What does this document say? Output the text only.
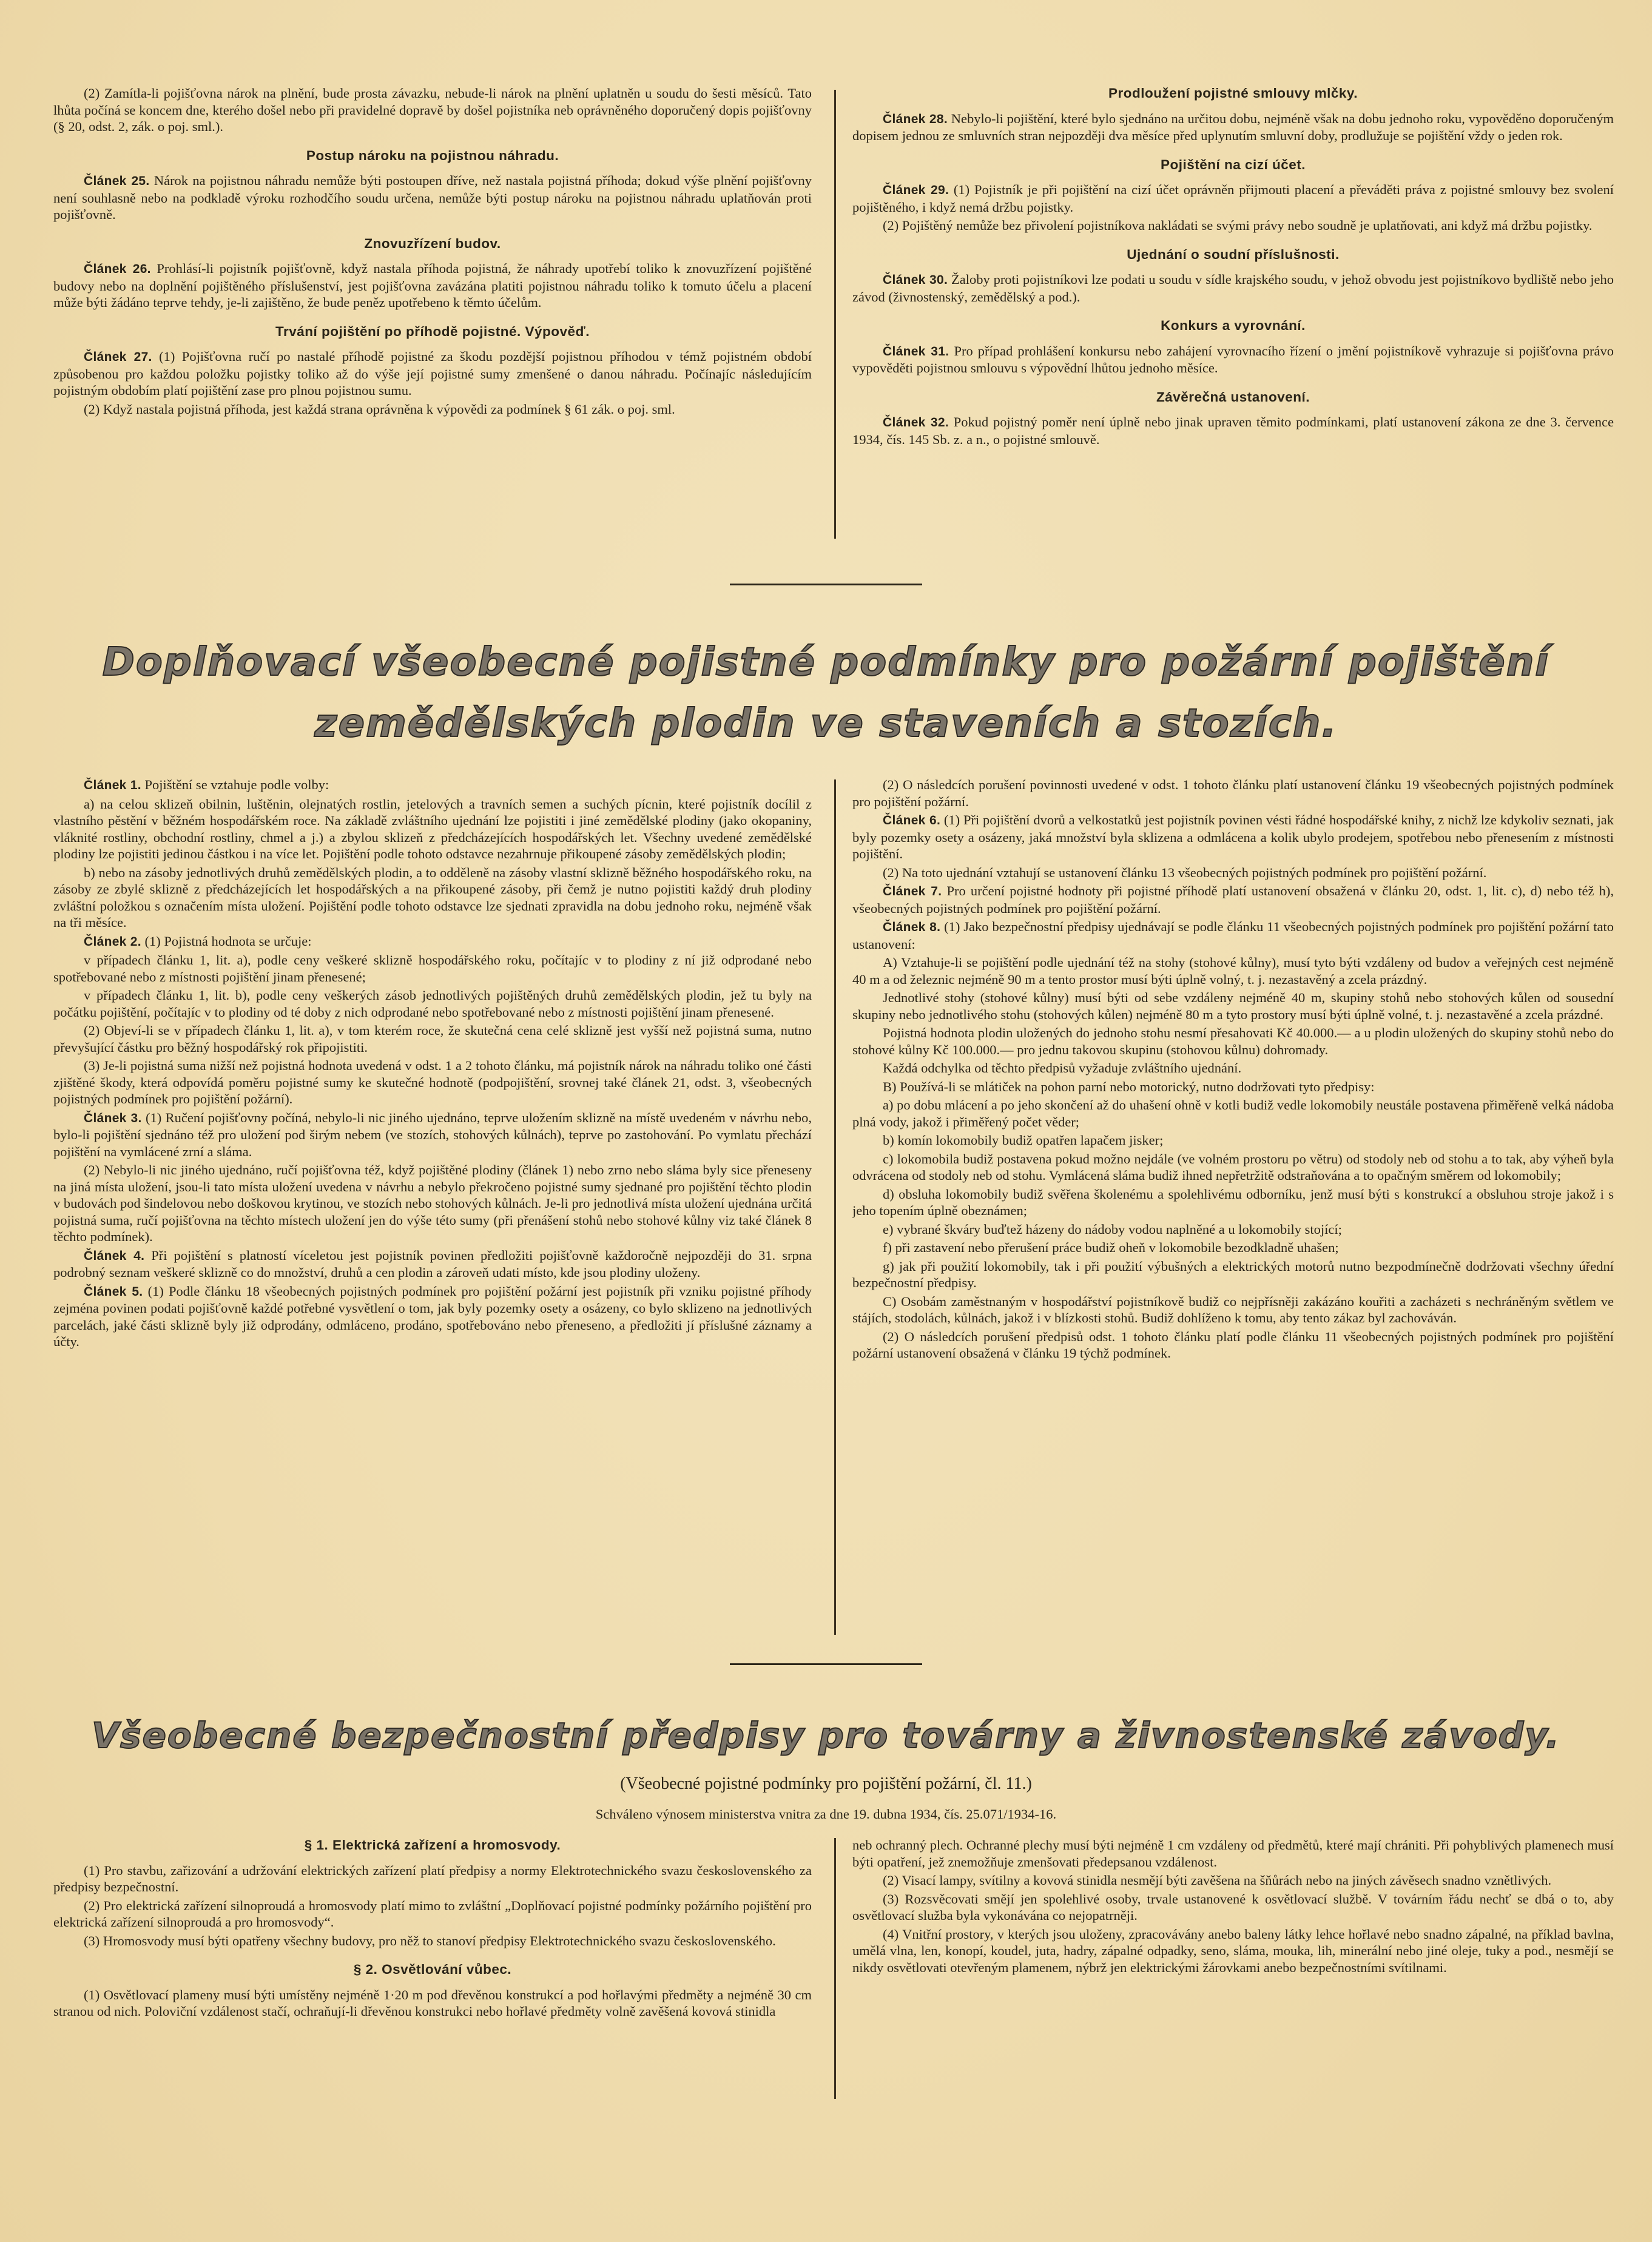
(2) Zamítla-li pojišťovna nárok na plnění, bude prosta závazku, nebude-li nárok na plnění uplatněn u soudu do šesti měsíců. Tato lhůta počíná se koncem dne, kterého došel nebo při pravidelné dopravě by došel pojistníka neb oprávněného doporučený dopis pojišťovny (§ 20, odst. 2, zák. o poj. sml.).

Postup nároku na pojistnou náhradu.

Článek 25. Nárok na pojistnou náhradu nemůže býti postoupen dříve, než nastala pojistná příhoda; dokud výše plnění pojišťovny není souhlasně nebo na podkladě výroku rozhodčího soudu určena, nemůže býti postup nároku na pojistnou náhradu uplatňován proti pojišťovně.

Znovuzřízení budov.

Článek 26. Prohlásí-li pojistník pojišťovně, když nastala příhoda pojistná, že náhrady upotřebí toliko k znovuzřízení pojištěné budovy nebo na doplnění pojištěného příslušenství, jest pojišťovna zavázána platiti pojistnou náhradu toliko k tomuto účelu a placení může býti žádáno teprve tehdy, je-li zajištěno, že bude peněz upotřebeno k těmto účelům.

Trvání pojištění po příhodě pojistné. Výpověď.

Článek 27. (1) Pojišťovna ručí po nastalé příhodě pojistné za škodu pozdější pojistnou příhodou v témž pojistném období způsobenou pro každou položku pojistky toliko až do výše její pojistné sumy zmenšené o danou náhradu. Počínajíc následujícím pojistným obdobím platí pojištění zase pro plnou pojistnou sumu.

(2) Když nastala pojistná příhoda, jest každá strana oprávněna k výpovědi za podmínek § 61 zák. o poj. sml.

Prodloužení pojistné smlouvy mlčky.

Článek 28. Nebylo-li pojištění, které bylo sjednáno na určitou dobu, nejméně však na dobu jednoho roku, vypověděno doporučeným dopisem jednou ze smluvních stran nejpozději dva měsíce před uplynutím smluvní doby, prodlužuje se pojištění vždy o jeden rok.

Pojištění na cizí účet.

Článek 29. (1) Pojistník je při pojištění na cizí účet oprávněn přijmouti placení a převáděti práva z pojistné smlouvy bez svolení pojištěného, i když nemá držbu pojistky.

(2) Pojištěný nemůže bez přivolení pojistníkova nakládati se svými právy nebo soudně je uplatňovati, ani když má držbu pojistky.

Ujednání o soudní příslušnosti.

Článek 30. Žaloby proti pojistníkovi lze podati u soudu v sídle krajského soudu, v jehož obvodu jest pojistníkovo bydliště nebo jeho závod (živnostenský, zemědělský a pod.).

Konkurs a vyrovnání.

Článek 31. Pro případ prohlášení konkursu nebo zahájení vyrovnacího řízení o jmění pojistníkově vyhrazuje si pojišťovna právo vypověděti pojistnou smlouvu s výpovědní lhůtou jednoho měsíce.

Závěrečná ustanovení.

Článek 32. Pokud pojistný poměr není úplně nebo jinak upraven těmito podmínkami, platí ustanovení zákona ze dne 3. července 1934, čís. 145 Sb. z. a n., o pojistné smlouvě.

Doplňovací všeobecné pojistné podmínky pro požární pojištění
zemědělských plodin ve staveních a stozích.

Článek 1. Pojištění se vztahuje podle volby:

a) na celou sklizeň obilnin, luštěnin, olejnatých rostlin, jetelových a travních semen a suchých pícnin, které pojistník docílil z vlastního pěstění v běžném hospodářském roce. Na základě zvláštního ujednání lze pojistiti i jiné zemědělské plodiny (jako okopaniny, vláknité rostliny, obchodní rostliny, chmel a j.) a zbylou sklizeň z předcházejících hospodářských let. Všechny uvedené zemědělské plodiny lze pojistiti jedinou částkou i na více let. Pojištění podle tohoto odstavce nezahrnuje přikoupené zásoby zemědělských plodin;

b) nebo na zásoby jednotlivých druhů zemědělských plodin, a to odděleně na zásoby vlastní sklizně běžného hospodářského roku, na zásoby ze zbylé sklizně z předcházejících let hospodářských a na přikoupené zásoby, při čemž je nutno pojistiti každý druh plodiny zvláštní položkou s označením místa uložení. Pojištění podle tohoto odstavce lze sjednati zpravidla na dobu jednoho roku, nejméně však na tři měsíce.

Článek 2. (1) Pojistná hodnota se určuje:

v případech článku 1, lit. a), podle ceny veškeré sklizně hospodářského roku, počítajíc v to plodiny z ní již odprodané nebo spotřebované nebo z místnosti pojištění jinam přenesené;

v případech článku 1, lit. b), podle ceny veškerých zásob jednotlivých pojištěných druhů zemědělských plodin, jež tu byly na počátku pojištění, počítajíc v to plodiny od té doby z nich odprodané nebo spotřebované nebo z místnosti pojištění jinam přenesené.

(2) Objeví-li se v případech článku 1, lit. a), v tom kterém roce, že skutečná cena celé sklizně jest vyšší než pojistná suma, nutno převyšující částku pro běžný hospodářský rok připojistiti.

(3) Je-li pojistná suma nižší než pojistná hodnota uvedená v odst. 1 a 2 tohoto článku, má pojistník nárok na náhradu toliko oné části zjištěné škody, která odpovídá poměru pojistné sumy ke skutečné hodnotě (podpojištění, srovnej také článek 21, odst. 3, všeobecných pojistných podmínek pro pojištění požární).

Článek 3. (1) Ručení pojišťovny počíná, nebylo-li nic jiného ujednáno, teprve uložením sklizně na místě uvedeném v návrhu nebo, bylo-li pojištění sjednáno též pro uložení pod širým nebem (ve stozích, stohových kůlnách), teprve po zastohování. Po vymlatu přechází pojištění na vymlácené zrní a sláma.

(2) Nebylo-li nic jiného ujednáno, ručí pojišťovna též, když pojištěné plodiny (článek 1) nebo zrno nebo sláma byly sice přeneseny na jiná místa uložení, jsou-li tato místa uložení uvedena v návrhu a nebylo překročeno pojistné sumy sjednané pro pojištění těchto plodin v budovách pod šindelovou nebo doškovou krytinou, ve stozích nebo stohových kůlnách. Je-li pro jednotlivá místa uložení ujednána určitá pojistná suma, ručí pojišťovna na těchto místech uložení jen do výše této sumy (při přenášení stohů nebo stohové kůlny viz také článek 8 těchto podmínek).

Článek 4. Při pojištění s platností víceletou jest pojistník povinen předložiti pojišťovně každoročně nejpozději do 31. srpna podrobný seznam veškeré sklizně co do množství, druhů a cen plodin a zároveň udati místo, kde jsou plodiny uloženy.

Článek 5. (1) Podle článku 18 všeobecných pojistných podmínek pro pojištění požární jest pojistník při vzniku pojistné příhody zejména povinen podati pojišťovně každé potřebné vysvětlení o tom, jak byly pozemky osety a osázeny, co bylo sklizeno na jednotlivých parcelách, jaké části sklizně byly již odprodány, odmláceno, prodáno, spotřebováno nebo přeneseno, a předložiti jí příslušné záznamy a účty.

(2) O následcích porušení povinnosti uvedené v odst. 1 tohoto článku platí ustanovení článku 19 všeobecných pojistných podmínek pro pojištění požární.

Článek 6. (1) Při pojištění dvorů a velkostatků jest pojistník povinen vésti řádné hospodářské knihy, z nichž lze kdykoliv seznati, jak byly pozemky osety a osázeny, jaká množství byla sklizena a odmlácena a kolik ubylo prodejem, spotřebou nebo přenesením z místnosti pojištění.

(2) Na toto ujednání vztahují se ustanovení článku 13 všeobecných pojistných podmínek pro pojištění požární.

Článek 7. Pro určení pojistné hodnoty při pojistné příhodě platí ustanovení obsažená v článku 20, odst. 1, lit. c), d) nebo též h), všeobecných pojistných podmínek pro pojištění požární.

Článek 8. (1) Jako bezpečnostní předpisy ujednávají se podle článku 11 všeobecných pojistných podmínek pro pojištění požární tato ustanovení:

A) Vztahuje-li se pojištění podle ujednání též na stohy (stohové kůlny), musí tyto býti vzdáleny od budov a veřejných cest nejméně 40 m a od železnic nejméně 90 m a tento prostor musí býti úplně volný, t. j. nezastavěný a zcela prázdný.

Jednotlivé stohy (stohové kůlny) musí býti od sebe vzdáleny nejméně 40 m, skupiny stohů nebo stohových kůlen od sousední skupiny nebo jednotlivého stohu (stohových kůlen) nejméně 80 m a tyto prostory musí býti úplně volné, t. j. nezastavěné a zcela prázdné.

Pojistná hodnota plodin uložených do jednoho stohu nesmí přesahovati Kč 40.000.— a u plodin uložených do skupiny stohů nebo do stohové kůlny Kč 100.000.— pro jednu takovou skupinu (stohovou kůlnu) dohromady.

Každá odchylka od těchto předpisů vyžaduje zvláštního ujednání.

B) Používá-li se mlátiček na pohon parní nebo motorický, nutno dodržovati tyto předpisy:

a) po dobu mlácení a po jeho skončení až do uhašení ohně v kotli budiž vedle lokomobily neustále postavena přiměřeně velká nádoba plná vody, jakož i přiměřený počet věder;

b) komín lokomobily budiž opatřen lapačem jisker;

c) lokomobila budiž postavena pokud možno nejdále (ve volném prostoru po větru) od stodoly neb od stohu a to tak, aby výheň byla odvrácena od stodoly neb od stohu. Vymlácená sláma budiž ihned nepřetržitě odstraňována a to opačným směrem od lokomobily;

d) obsluha lokomobily budiž svěřena školenému a spolehlivému odborníku, jenž musí býti s konstrukcí a obsluhou stroje jakož i s jeho topením úplně obeznámen;

e) vybrané škváry buďtež házeny do nádoby vodou naplněné a u lokomobily stojící;

f) při zastavení nebo přerušení práce budiž oheň v lokomobile bezodkladně uhašen;

g) jak při použití lokomobily, tak i při použití výbušných a elektrických motorů nutno bezpodmínečně dodržovati všechny úřední bezpečnostní předpisy.

C) Osobám zaměstnaným v hospodářství pojistníkově budiž co nejpřísněji zakázáno kouřiti a zacházeti s nechráněným světlem ve stájích, stodolách, kůlnách, jakož i v blízkosti stohů. Budiž dohlíženo k tomu, aby tento zákaz byl zachováván.

(2) O následcích porušení předpisů odst. 1 tohoto článku platí podle článku 11 všeobecných pojistných podmínek pro pojištění požární ustanovení obsažená v článku 19 týchž podmínek.

Všeobecné bezpečnostní předpisy pro továrny a živnostenské závody.
(Všeobecné pojistné podmínky pro pojištění požární, čl. 11.)
Schváleno výnosem ministerstva vnitra za dne 19. dubna 1934, čís. 25.071/1934-16.
§ 1. Elektrická zařízení a hromosvody.

(1) Pro stavbu, zařizování a udržování elektrických zařízení platí předpisy a normy Elektrotechnického svazu československého za předpisy bezpečnostní.

(2) Pro elektrická zařízení silnoproudá a hromosvody platí mimo to zvláštní „Doplňovací pojistné podmínky požárního pojištění pro elektrická zařízení silnoproudá a pro hromosvody“.

(3) Hromosvody musí býti opatřeny všechny budovy, pro něž to stanoví předpisy Elektrotechnického svazu československého.

§ 2. Osvětlování vůbec.

(1) Osvětlovací plameny musí býti umístěny nejméně 1·20 m pod dřevěnou konstrukcí a pod hořlavými předměty a nejméně 30 cm stranou od nich. Poloviční vzdálenost stačí, ochraňují-li dřevěnou konstrukci nebo hořlavé předměty volně zavěšená kovová stinidla

neb ochranný plech. Ochranné plechy musí býti nejméně 1 cm vzdáleny od předmětů, které mají chrániti. Při pohyblivých plamenech musí býti opatření, jež znemožňuje zmenšovati předepsanou vzdálenost.

(2) Visací lampy, svítilny a kovová stinidla nesmějí býti zavěšena na šňůrách nebo na jiných závěsech snadno vznětlivých.

(3) Rozsvěcovati smějí jen spolehlivé osoby, trvale ustanovené k osvětlovací službě. V továrním řádu nechť se dbá o to, aby osvětlovací služba byla vykonávána co nejopatrněji.

(4) Vnitřní prostory, v kterých jsou uloženy, zpracovávány anebo baleny látky lehce hořlavé nebo snadno zápalné, na příklad bavlna, umělá vlna, len, konopí, koudel, juta, hadry, zápalné odpadky, seno, sláma, mouka, lih, minerální nebo jiné oleje, tuky a pod., nesmějí se nikdy osvětlovati otevřeným plamenem, nýbrž jen elektrickými žárovkami anebo bezpečnostními svítilnami.
